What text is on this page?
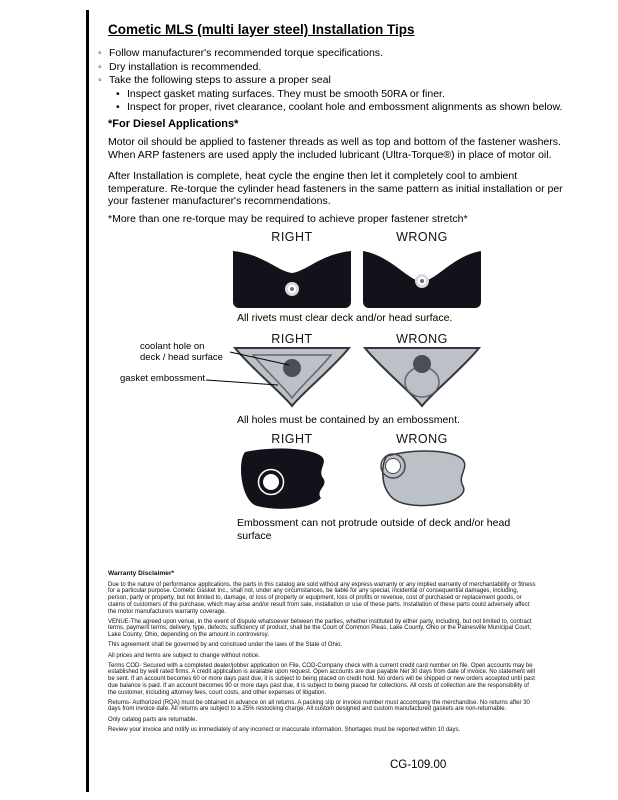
Cometic MLS (multi layer steel) Installation Tips
◦ Follow manufacturer's recommended torque specifications.
◦ Dry installation is recommended.
◦ Take the following steps to assure a proper seal
• Inspect gasket mating surfaces. They must be smooth 50RA or finer.
• Inspect for proper, rivet clearance, coolant hole and embossment alignments as shown below.
*For Diesel Applications*

Motor oil should be applied to fastener threads as well as top and bottom of the fastener washers. When ARP fasteners are used apply the included lubricant (Ultra-Torque®) in place of motor oil.

After Installation is complete, heat cycle the engine then let it completely cool to ambient temperature. Re-torque the cylinder head fasteners in the same pattern as initial installation or per your fastener manufacturer's recommendations.

*More than one re-torque may be required to achieve proper fastener stretch*

RIGHT	WRONG
All rivets must clear deck and/or head surface.
RIGHT	WRONG
coolant hole on
deck / head surface
gasket embossment
All holes must be contained by an embossment.
RIGHT	WRONG
Embossment can not protrude outside of deck and/or head surface
Warranty Disclaimer*

Due to the nature of performance applications, the parts in this catalog are sold without any express warranty or any implied warranty of merchantability or fitness for a particular purpose. Cometic Gasket Inc., shall not, under any circumstances, be liable for any special, incidental or consequential damages, including, person, party or property, but not limited to, damage, or loss of property or equipment, loss of profits or revenue, cost of purchased or replacement goods, or claims of customers of the purchase, which may arise and/or result from sale, installation or use of these parts. Installation of these parts could adversely affect the motor manufacturers warranty coverage.

VENUE-The agreed upon venue, in the event of dispute whatsoever between the parties, whether instituted by either party, including, but not limited to, contract terms, payment terms, delivery, type, defects, sufficiency of product, shall be the Court of Common Pleas, Lake County, Ohio or the Painesville Municipal Court, Lake County, Ohio, depending on the amount in controversy.

This agreement shall be governed by and construed under the laws of the State of Ohio.

All prices and terms are subject to change without notice.

Terms COD- Secured with a completed dealer/jobber application on File, COD-Company check with a current credit card number on file. Open accounts may be established by well rated firms. A credit application is available upon request. Open accounts are due payable Net 30 days from date of invoice. No statement will be sent. If an account becomes 60 or more days past due, it is subject to being placed on credit hold. No orders will be shipped or new orders accepted until past due balance is paid. If an account becomes 90 or more days past due, it is subject to being placed for collections. All costs of collection are the responsibility of the customer, including attorney fees, court costs, and other expenses of litigation.

Returns- Authorized (RQA) must be obtained in advance on all returns. A packing slip or invoice number must accompany the merchandise. No returns after 30 days from invoice date. All returns are subject to a 25% restocking charge. All custom designed and custom manufactured gaskets are non-returnable.

Only catalog parts are returnable.

Review your invoice and notify us immediately of any incorrect or inaccurate information. Shortages must be reported within 10 days.

CG-109.00
